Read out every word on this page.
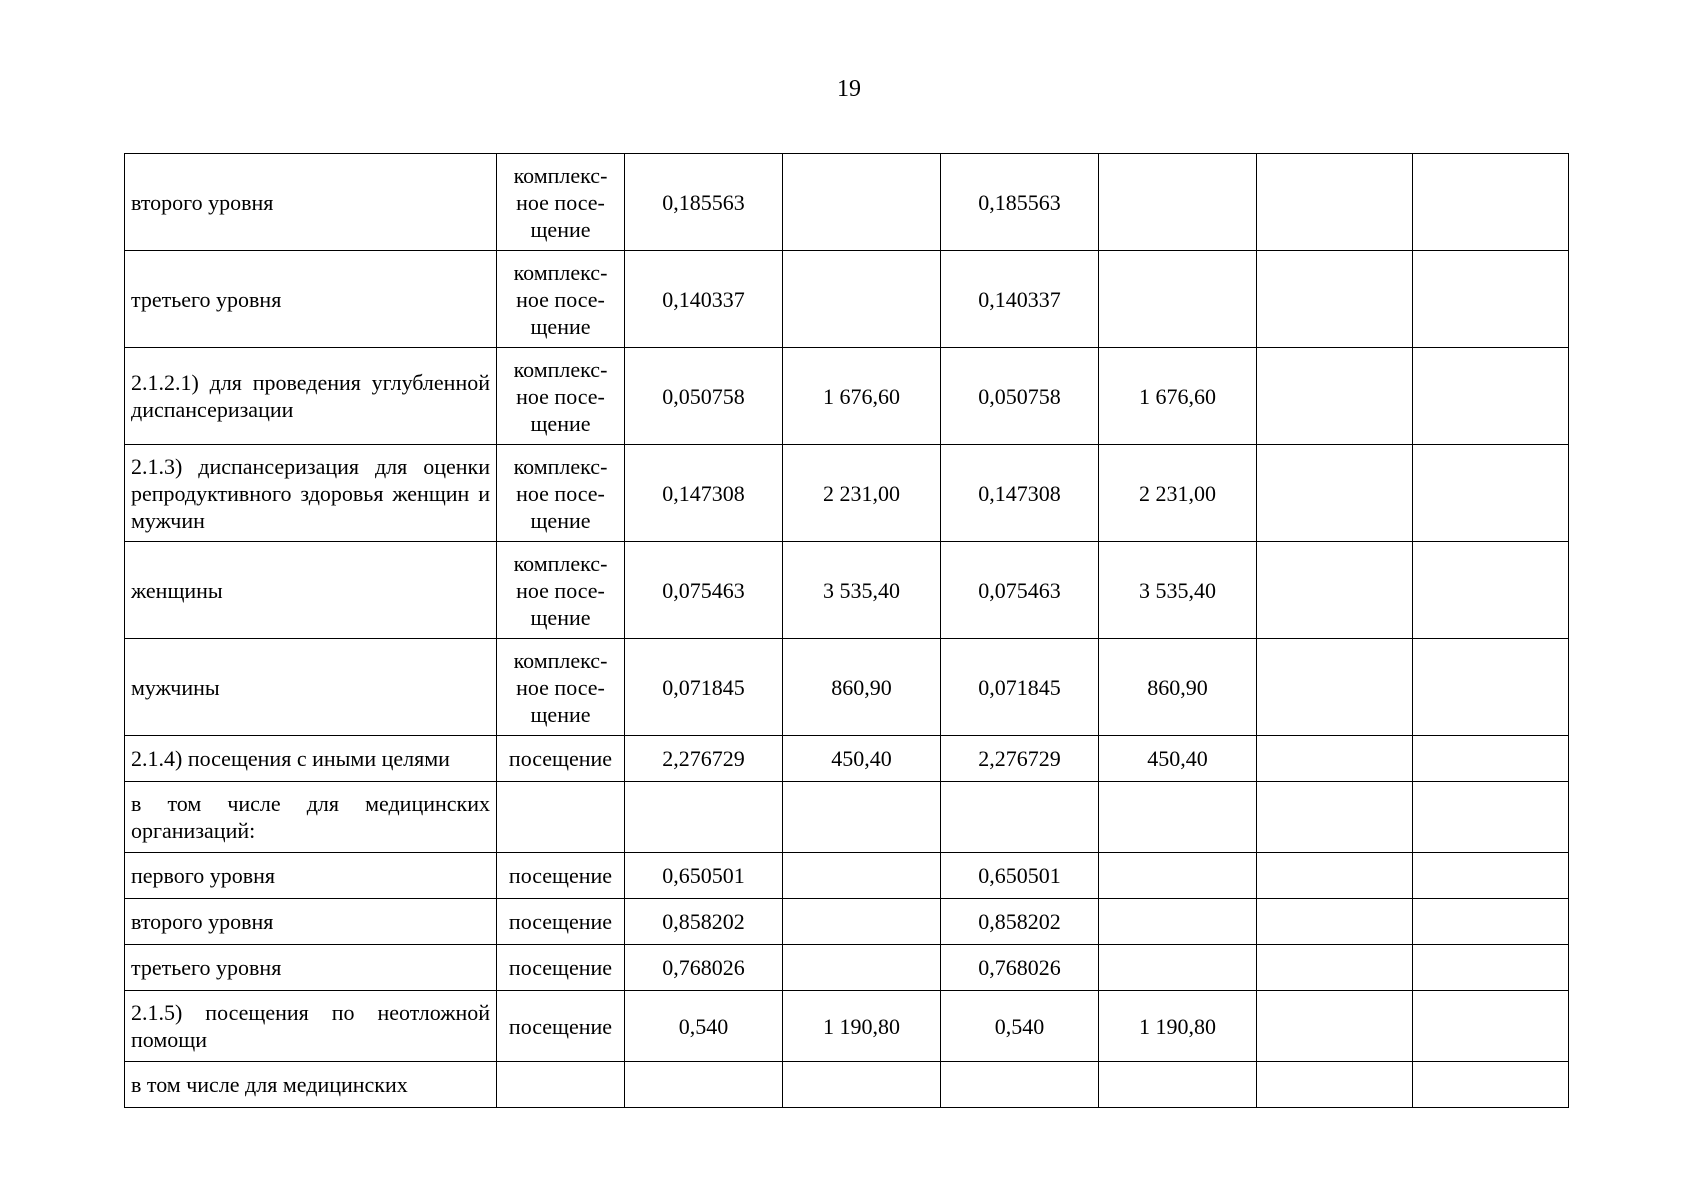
19
второго уровня	комплекс-
ное посе-
щение	0,185563		0,185563			
третьего уровня	комплекс-
ное посе-
щение	0,140337		0,140337			
2.1.2.1) для проведения углубленной диспансеризации	комплекс-
ное посе-
щение	0,050758	1 676,60	0,050758	1 676,60		
2.1.3) диспансеризация для оценки репродуктивного здоровья женщин и мужчин	комплекс-
ное посе-
щение	0,147308	2 231,00	0,147308	2 231,00		
женщины	комплекс-
ное посе-
щение	0,075463	3 535,40	0,075463	3 535,40		
мужчины	комплекс-
ное посе-
щение	0,071845	860,90	0,071845	860,90		
2.1.4) посещения с иными целями	посещение	2,276729	450,40	2,276729	450,40		
в том числе для медицинских организаций:							
первого уровня	посещение	0,650501		0,650501			
второго уровня	посещение	0,858202		0,858202			
третьего уровня	посещение	0,768026		0,768026			
2.1.5) посещения по неотложной помощи	посещение	0,540	1 190,80	0,540	1 190,80		
в том числе для медицинских							
